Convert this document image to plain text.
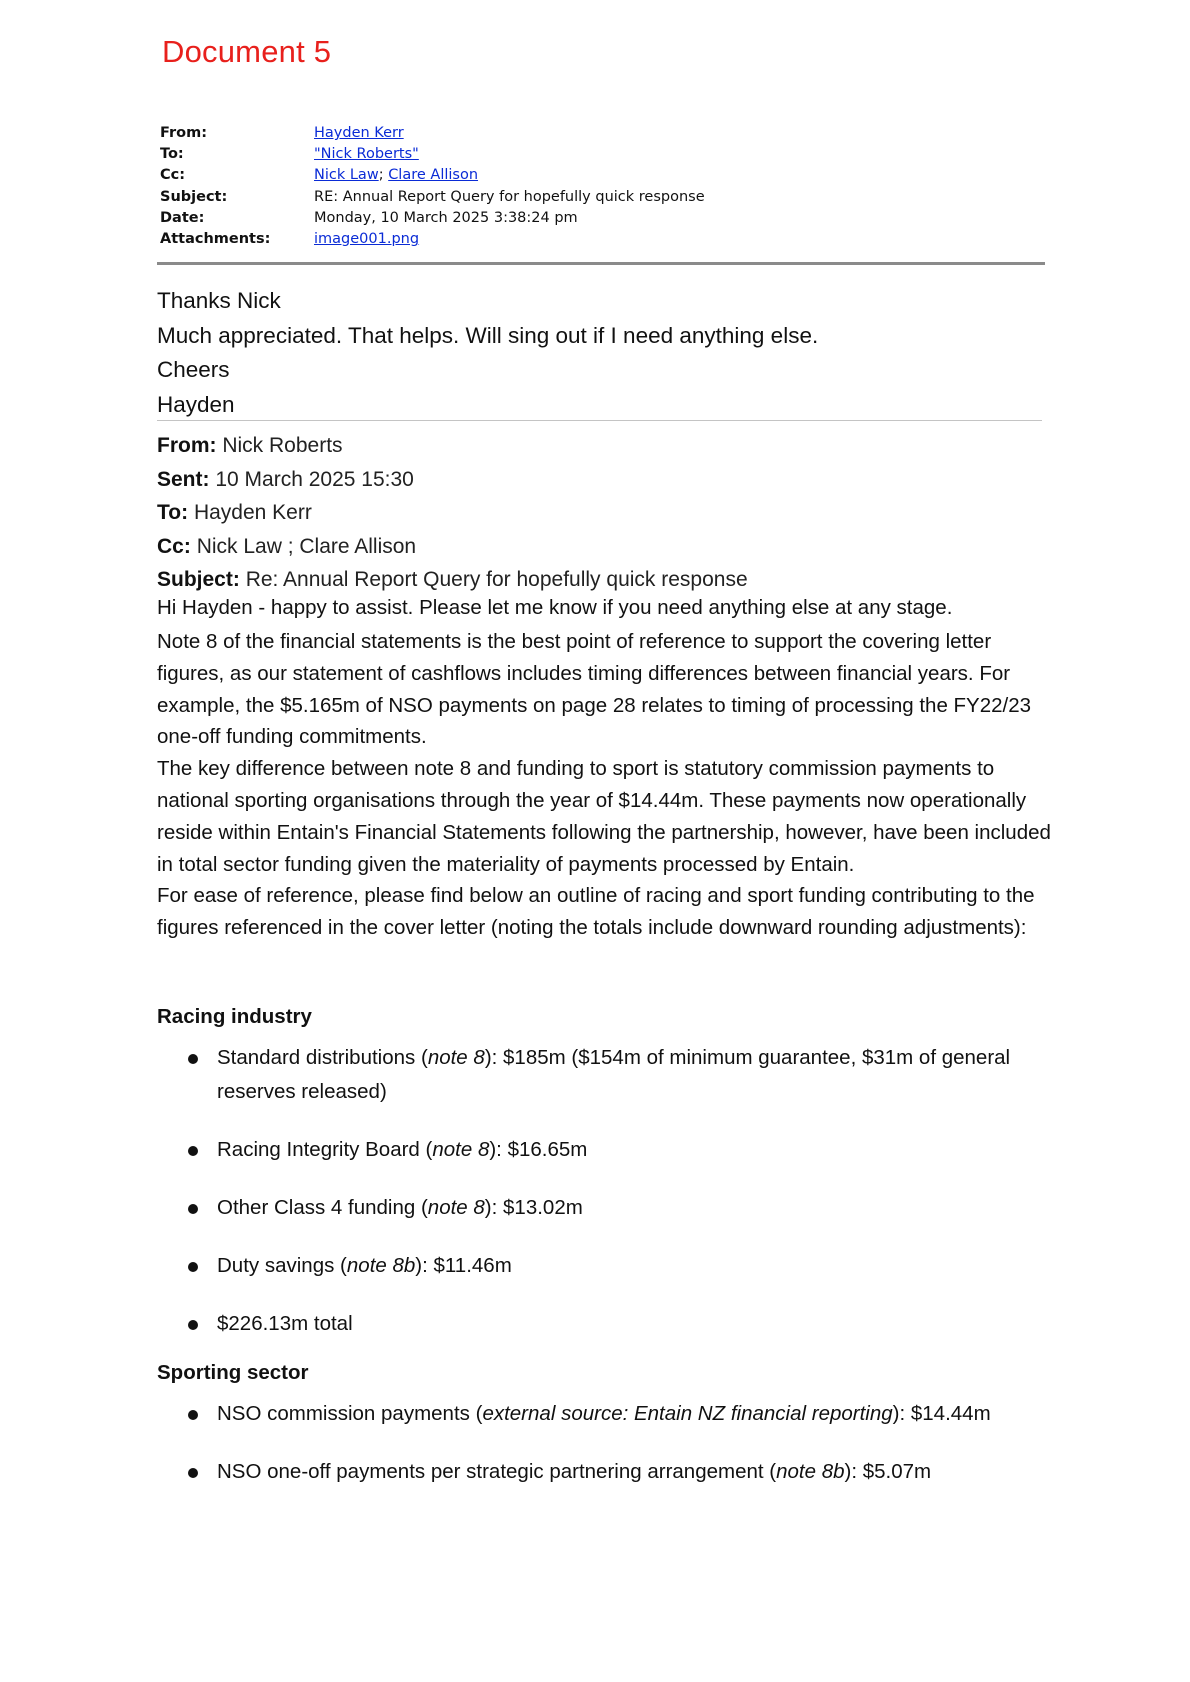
Document 5
From:	Hayden Kerr
To:	"Nick Roberts"
Cc:	Nick Law; Clare Allison
Subject:	RE: Annual Report Query for hopefully quick response
Date:	Monday, 10 March 2025 3:38:24 pm
Attachments:	image001.png
Thanks Nick
Much appreciated. That helps. Will sing out if I need anything else.
Cheers
Hayden
From: Nick Roberts
Sent: 10 March 2025 15:30
To: Hayden Kerr
Cc: Nick Law ; Clare Allison
Subject: Re: Annual Report Query for hopefully quick response
Hi Hayden - happy to assist. Please let me know if you need anything else at any stage.

Note 8 of the financial statements is the best point of reference to support the covering letter figures, as our statement of cashflows includes timing differences between financial years. For example, the $5.165m of NSO payments on page 28 relates to timing of processing the FY22/23 one-off funding commitments.

The key difference between note 8 and funding to sport is statutory commission payments to national sporting organisations through the year of $14.44m. These payments now operationally reside within Entain's Financial Statements following the partnership, however, have been included in total sector funding given the materiality of payments processed by Entain.

For ease of reference, please find below an outline of racing and sport funding contributing to the figures referenced in the cover letter (noting the totals include downward rounding adjustments):

Racing industry
Standard distributions (note 8): $185m ($154m of minimum guarantee, $31m of general reserves released)
Racing Integrity Board (note 8): $16.65m
Other Class 4 funding (note 8): $13.02m
Duty savings (note 8b): $11.46m
$226.13m total
Sporting sector
NSO commission payments (external source: Entain NZ financial reporting): $14.44m
NSO one-off payments per strategic partnering arrangement (note 8b): $5.07m
